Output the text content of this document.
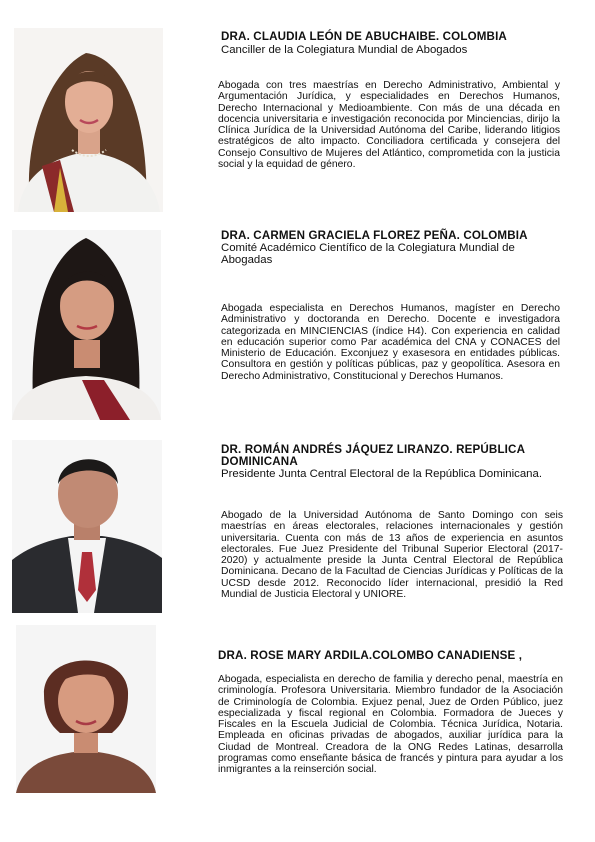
DRA. CLAUDIA LEÓN DE ABUCHAIBE. COLOMBIA
Canciller de la Colegiatura Mundial de Abogados
Abogada con tres maestrías en Derecho Administrativo, Ambiental y Argumentación Jurídica, y especialidades en Derechos Humanos, Derecho Internacional y Medioambiente. Con más de una década en docencia universitaria e investigación reconocida por Minciencias, dirijo la Clínica Jurídica de la Universidad Autónoma del Caribe, liderando litigios estratégicos de alto impacto. Conciliadora certificada y consejera del Consejo Consultivo de Mujeres del Atlántico, comprometida con la justicia social y la equidad de género.
DRA. CARMEN GRACIELA FLOREZ PEÑA. COLOMBIA
Comité Académico Científico de la Colegiatura Mundial de Abogadas
Abogada especialista en Derechos Humanos, magíster en Derecho Administrativo y doctoranda en Derecho. Docente e investigadora categorizada en MINCIENCIAS (índice H4). Con experiencia en calidad en educación superior como Par académica del CNA y CONACES del Ministerio de Educación. Exconjuez y exasesora en entidades públicas. Consultora en gestión y políticas públicas, paz y geopolítica. Asesora en Derecho Administrativo, Constitucional y Derechos Humanos.
DR. ROMÁN ANDRÉS JÁQUEZ LIRANZO. REPÚBLICA DOMINICANA
Presidente Junta Central Electoral de la República Dominicana.
Abogado de la Universidad Autónoma de Santo Domingo con seis maestrías en áreas electorales, relaciones internacionales y gestión universitaria. Cuenta con más de 13 años de experiencia en asuntos electorales. Fue Juez Presidente del Tribunal Superior Electoral (2017-2020) y actualmente preside la Junta Central Electoral de República Dominicana. Decano de la Facultad de Ciencias Jurídicas y Políticas de la UCSD desde 2012. Reconocido líder internacional, presidió la Red Mundial de Justicia Electoral y UNIORE.
DRA. ROSE MARY ARDILA.COLOMBO CANADIENSE ,
Abogada, especialista en derecho de familia y derecho penal, maestría en criminología. Profesora Universitaria. Miembro fundador de la Asociación de Criminología de Colombia. Exjuez penal, Juez de Orden Público, juez especializada y fiscal regional en Colombia. Formadora de Jueces y Fiscales en la Escuela Judicial de Colombia. Técnica Jurídica, Notaria. Empleada en oficinas privadas de abogados, auxiliar jurídica para la Ciudad de Montreal. Creadora de la ONG Redes Latinas, desarrolla programas como enseñante básica de francés y pintura para ayudar a los inmigrantes a la reinserción social.
